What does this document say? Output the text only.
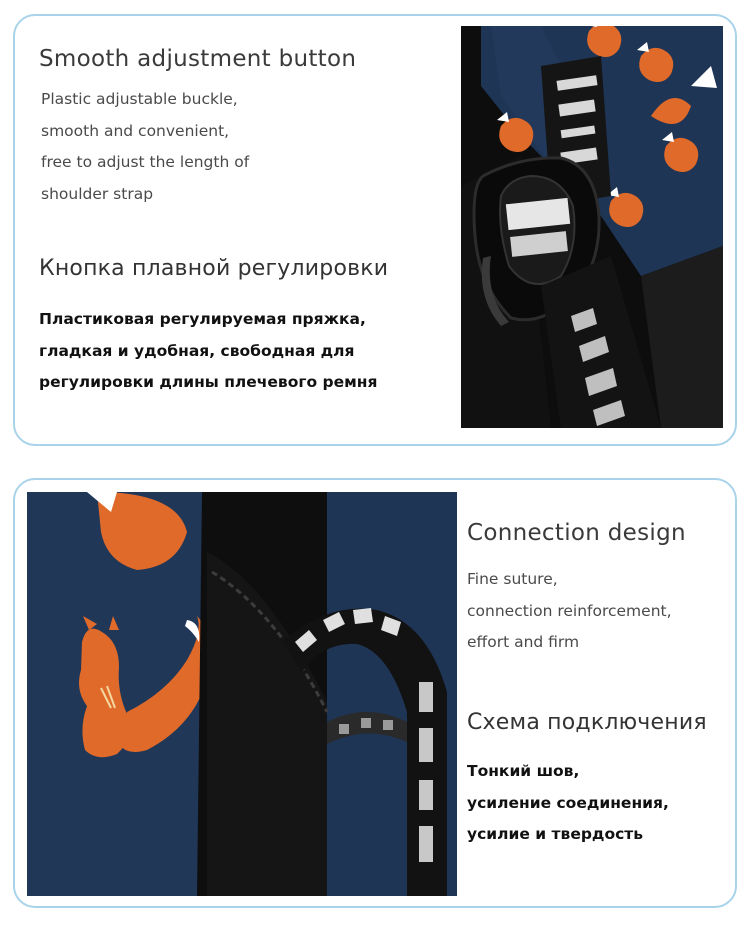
Smooth adjustment button
Plastic adjustable buckle,
smooth and convenient,
free to adjust the length of
shoulder strap
Кнопка плавной регулировки
Пластиковая регулируемая пряжка,
гладкая и удобная, свободная для
регулировки длины плечевого ремня
Connection design
Fine suture,
connection reinforcement,
effort and firm
Схема подключения
Тонкий шов,
усиление соединения,
усилие и твердость
